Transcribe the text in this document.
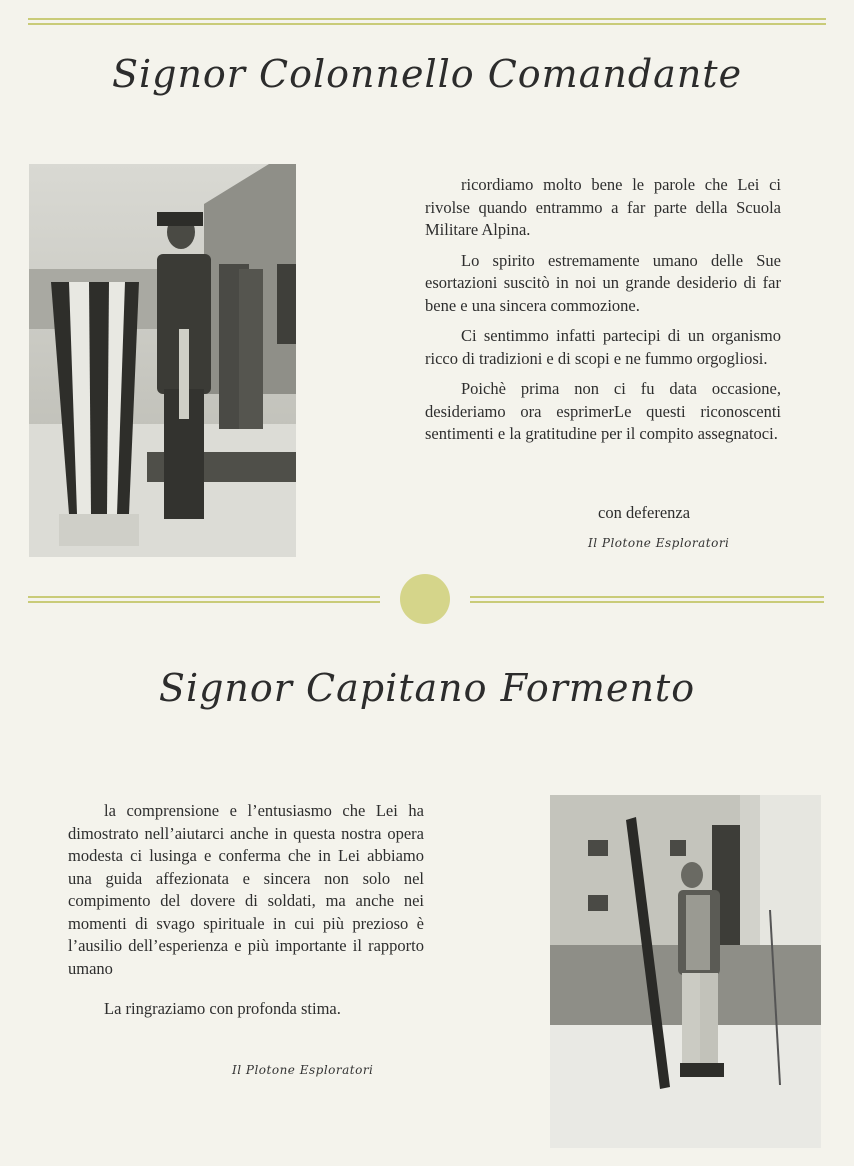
Signor Colonnello Comandante

ricordiamo molto bene le parole che Lei ci rivolse quando entrammo a far parte della Scuola Militare Alpina.

Lo spirito estremamente umano delle Sue esortazioni suscitò in noi un grande desiderio di far bene e una sincera commozione.

Ci sentimmo infatti partecipi di un organismo ricco di tradizioni e di scopi e ne fummo orgogliosi.

Poichè prima non ci fu data occasione, desideriamo ora esprimerLe questi riconoscenti sentimenti e la gratitudine per il compito assegnatoci.

con deferenza
Il Plotone Esploratori
Signor Capitano Formento

la comprensione e l’entusiasmo che Lei ha dimostrato nell’aiutarci anche in questa nostra opera modesta ci lusinga e conferma che in Lei abbiamo una guida affezionata e sincera non solo nel compimento del dovere di soldati, ma anche nei momenti di svago spirituale in cui più prezioso è l’ausilio dell’esperienza e più importante il rapporto umano

La ringraziamo con profonda stima.

Il Plotone Esploratori
